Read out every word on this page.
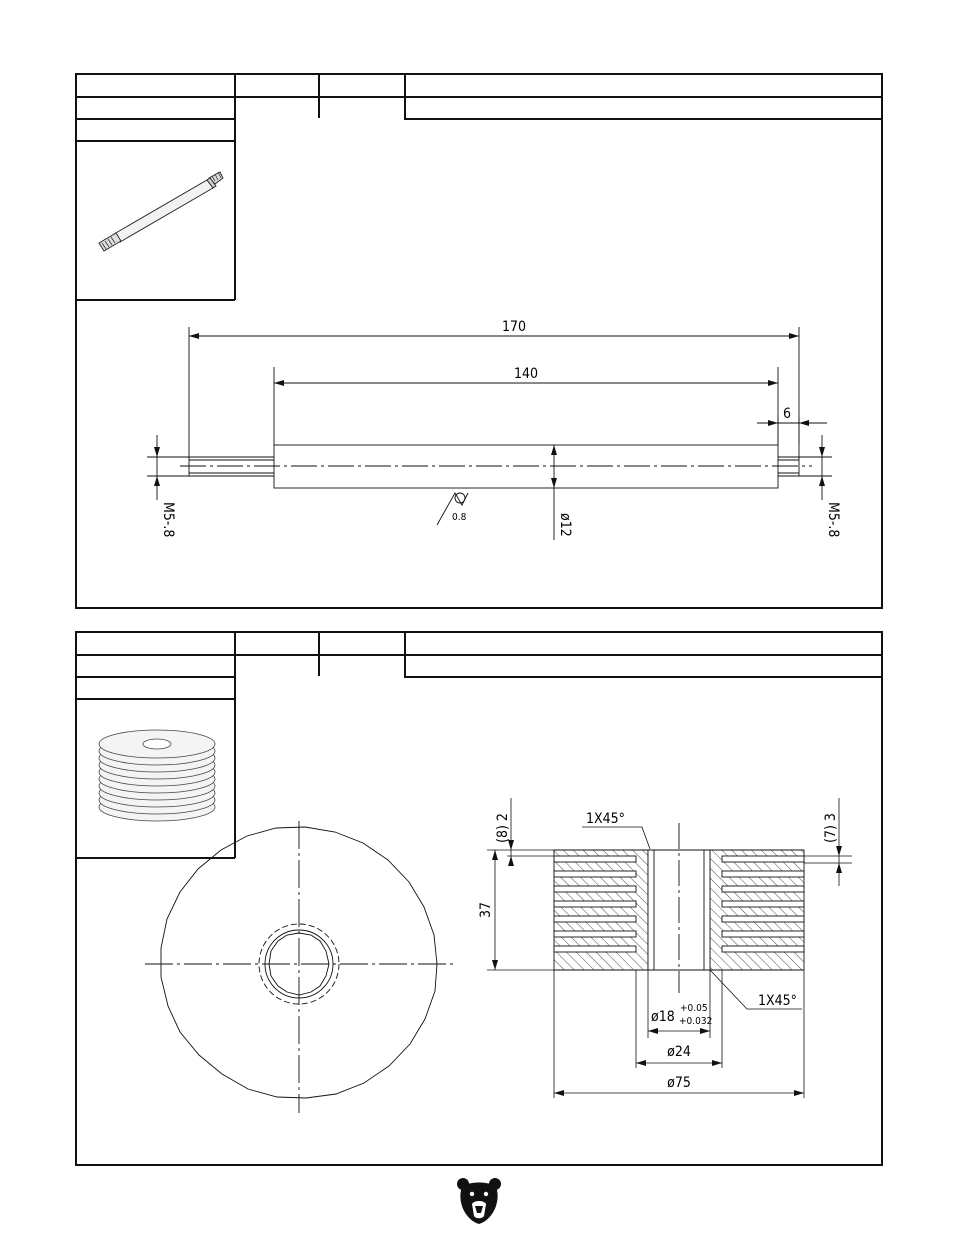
170
140
6
M5-.8	M5-.8
ø12
0.8
1X45°
1X45°
(8) 2	(7) 3
37
ø18
+0.05
+0.032
ø24
ø75
